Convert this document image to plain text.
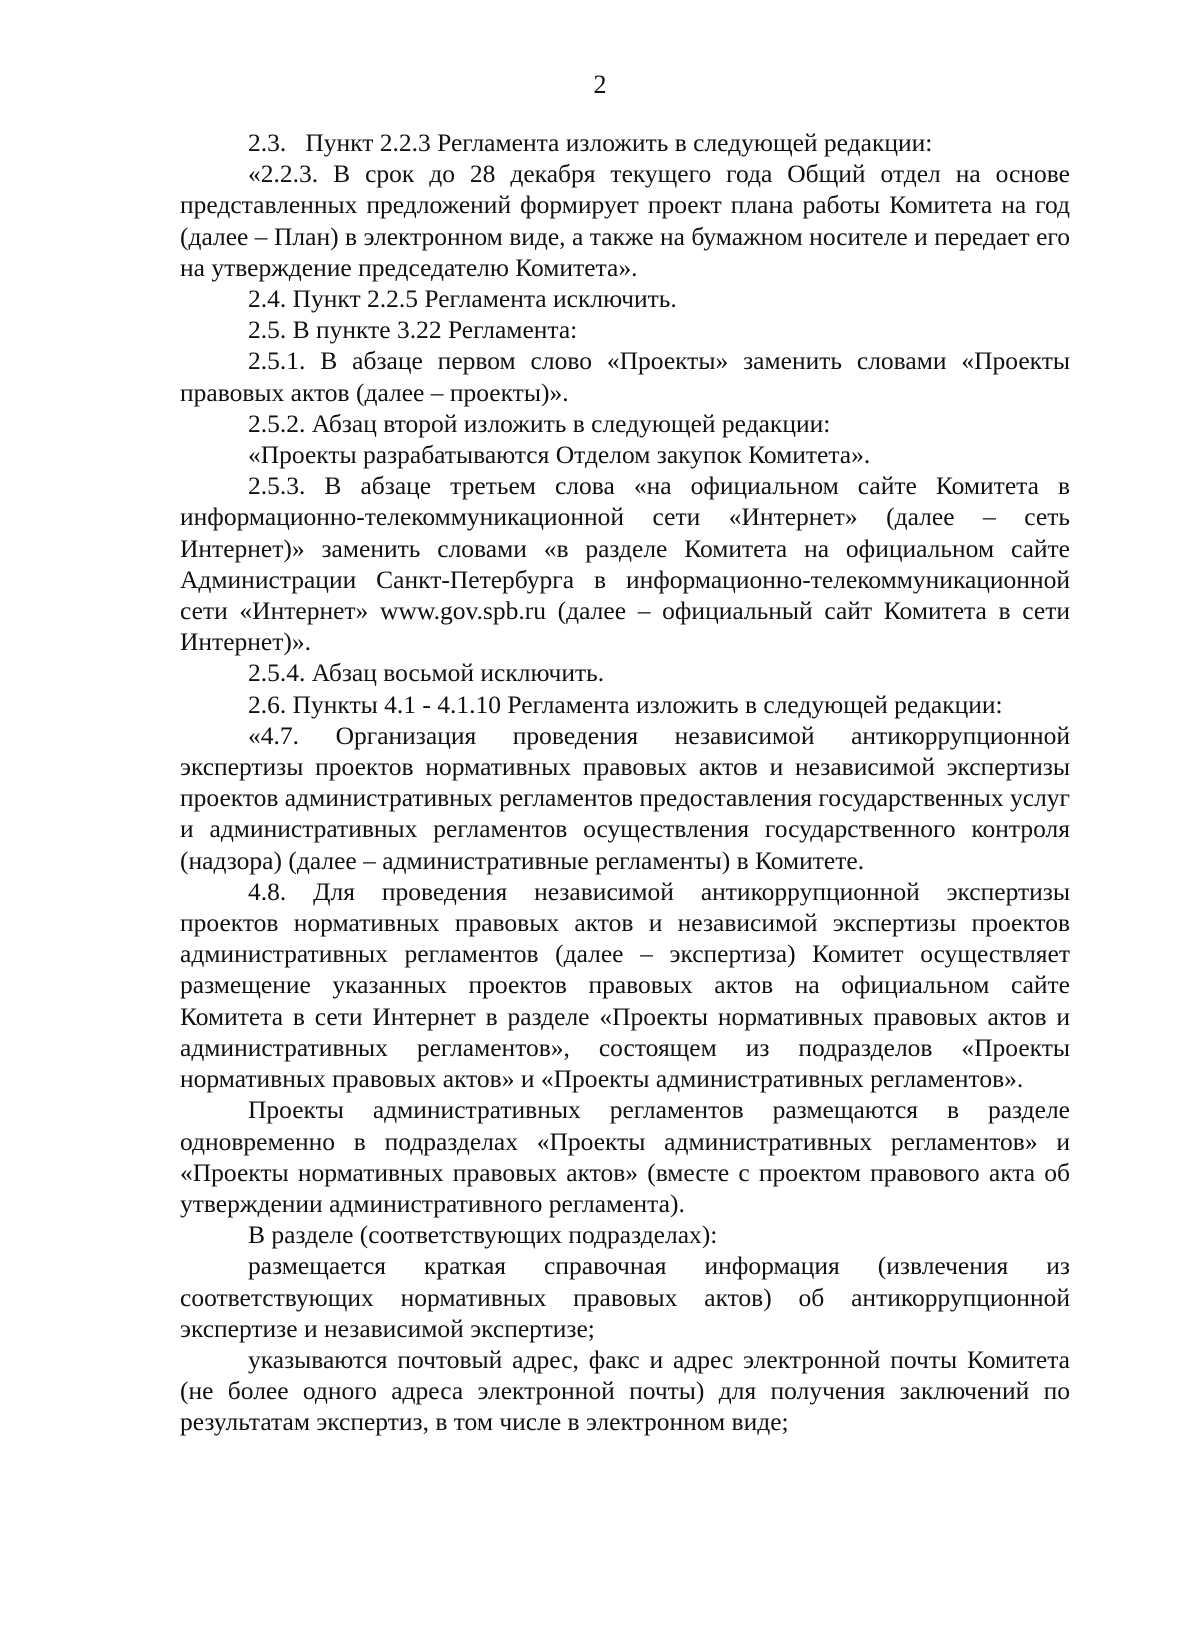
2

2.3.   Пункт 2.2.3 Регламента изложить в следующей редакции:

«2.2.3. В срок до 28 декабря текущего года Общий отдел на основе представленных предложений формирует проект плана работы Комитета на год (далее – План) в электронном виде, а также на бумажном носителе и передает его на утверждение председателю Комитета».

2.4. Пункт 2.2.5 Регламента исключить.

2.5. В пункте 3.22 Регламента:

2.5.1. В абзаце первом слово «Проекты» заменить словами «Проекты правовых актов (далее – проекты)».

2.5.2. Абзац второй изложить в следующей редакции:

«Проекты разрабатываются Отделом закупок Комитета».

2.5.3. В абзаце третьем слова «на официальном сайте Комитета в информационно-телекоммуникационной сети «Интернет» (далее – сеть Интернет)» заменить словами «в разделе Комитета на официальном сайте Администрации Санкт-Петербурга в информационно-телекоммуникационной сети «Интернет» www.gov.spb.ru (далее – официальный сайт Комитета в сети Интернет)».

2.5.4. Абзац восьмой исключить.

2.6. Пункты 4.1 - 4.1.10 Регламента изложить в следующей редакции:

«4.7. Организация проведения независимой антикоррупционной экспертизы проектов нормативных правовых актов и независимой экспертизы проектов административных регламентов предоставления государственных услуг и административных регламентов осуществления государственного контроля (надзора) (далее – административные регламенты) в Комитете.

4.8. Для проведения независимой антикоррупционной экспертизы проектов нормативных правовых актов и независимой экспертизы проектов административных регламентов (далее – экспертиза) Комитет осуществляет размещение указанных проектов правовых актов на официальном сайте Комитета в сети Интернет в разделе «Проекты нормативных правовых актов и административных регламентов», состоящем из подразделов «Проекты нормативных правовых актов» и «Проекты административных регламентов».

Проекты административных регламентов размещаются в разделе одновременно в подразделах «Проекты административных регламентов» и «Проекты нормативных правовых актов» (вместе с проектом правового акта об утверждении административного регламента).

В разделе (соответствующих подразделах):

размещается краткая справочная информация (извлечения из соответствующих нормативных правовых актов) об антикоррупционной экспертизе и независимой экспертизе;

указываются почтовый адрес, факс и адрес электронной почты Комитета (не более одного адреса электронной почты) для получения заключений по результатам экспертиз, в том числе в электронном виде;
